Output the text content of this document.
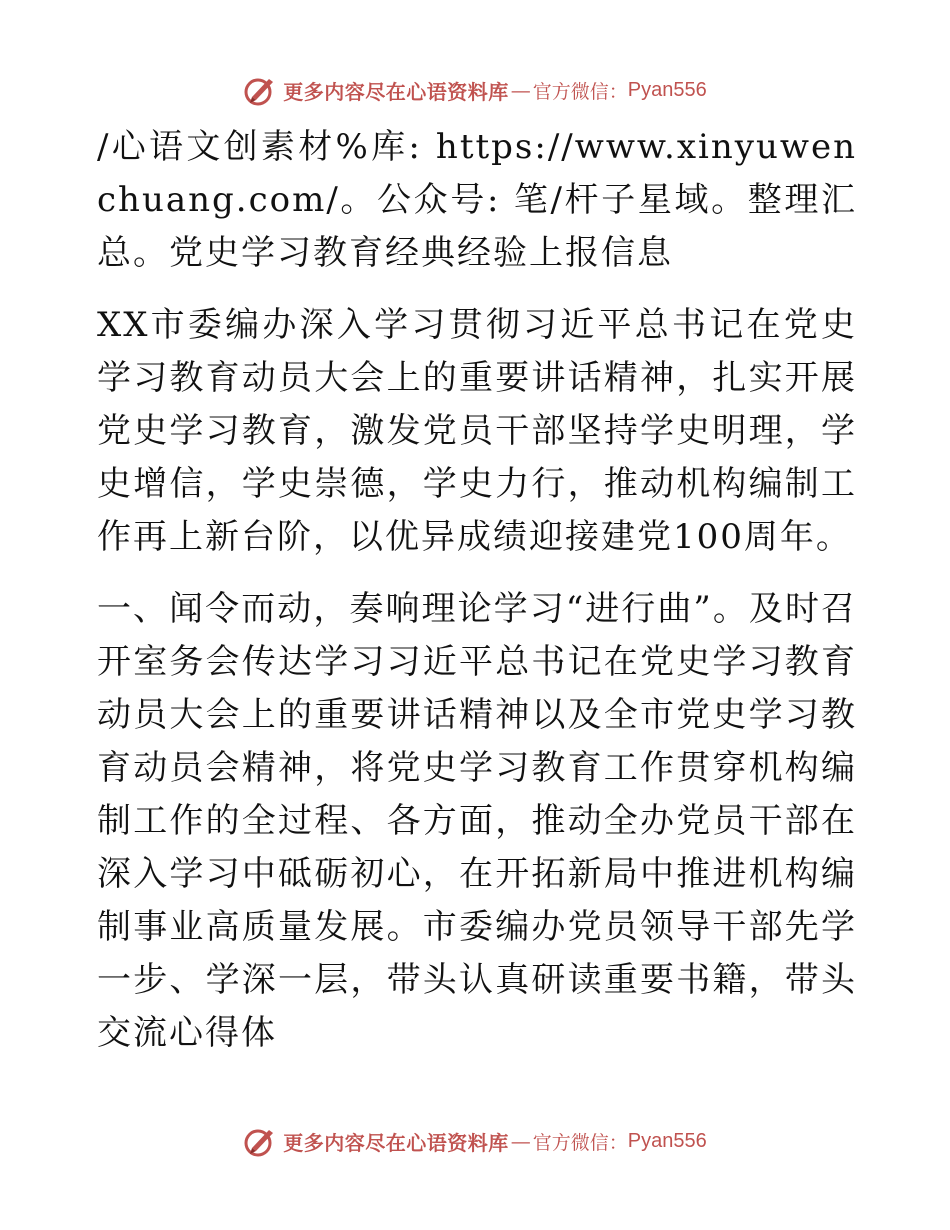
更多内容尽在心语资料库 — 官方微信： Pyan556

/心语文创素材%库: https://www.xinyuwenchuang.com/。公众号: 笔/杆子星域。整理汇总。党史学习教育经典经验上报信息

XX市委编办深入学习贯彻习近平总书记在党史学习教育动员大会上的重要讲话精神，扎实开展党史学习教育，激发党员干部坚持学史明理，学史增信，学史崇德，学史力行，推动机构编制工作再上新台阶，以优异成绩迎接建党100周年。

一、闻令而动，奏响理论学习“进行曲”。及时召开室务会传达学习习近平总书记在党史学习教育动员大会上的重要讲话精神以及全市党史学习教育动员会精神，将党史学习教育工作贯穿机构编制工作的全过程、各方面，推动全办党员干部在深入学习中砥砺初心，在开拓新局中推进机构编制事业高质量发展。市委编办党员领导干部先学一步、学深一层，带头认真研读重要书籍，带头交流心得体

更多内容尽在心语资料库 — 官方微信： Pyan556
